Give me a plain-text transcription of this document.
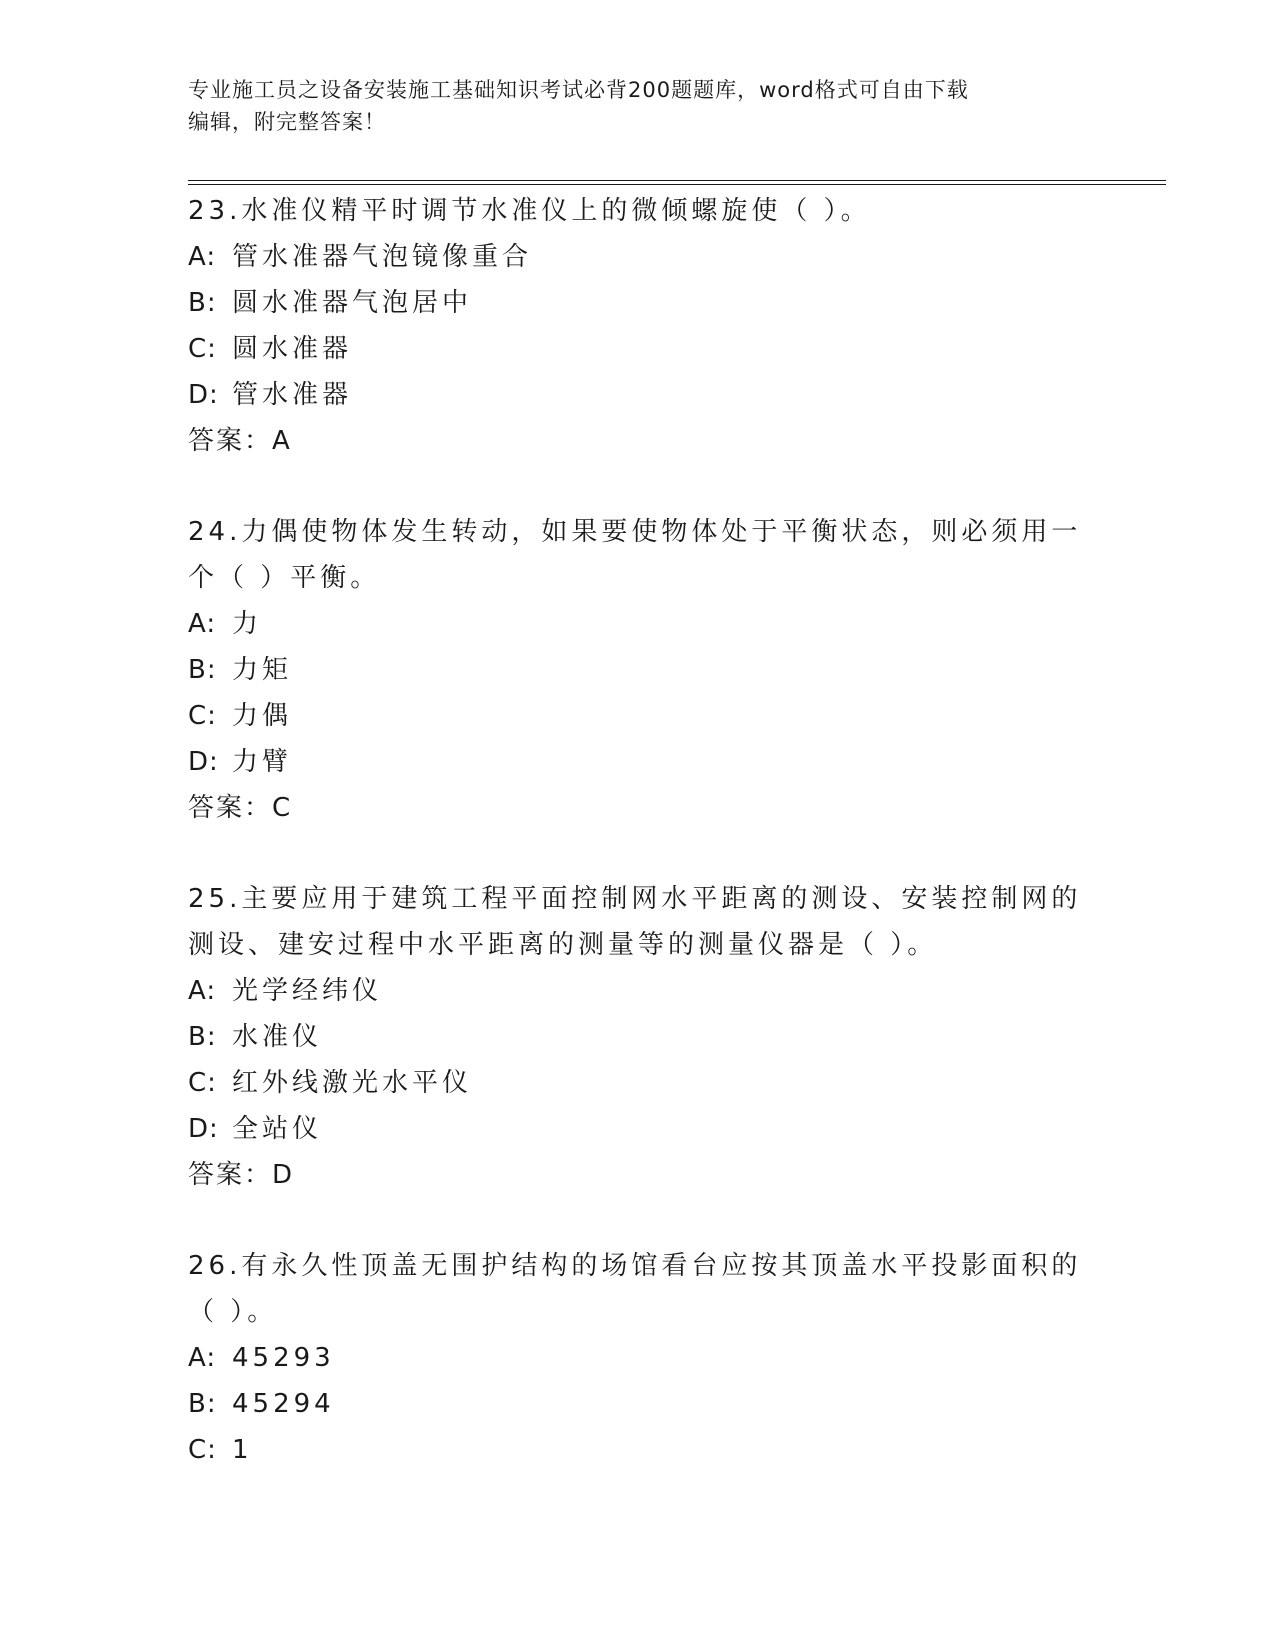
专业施工员之设备安装施工基础知识考试必背200题题库，word格式可自由下载
编辑，附完整答案！

23.水准仪精平时调节水准仪上的微倾螺旋使（ ）。

A: 管水准器气泡镜像重合
B: 圆水准器气泡居中
C: 圆水准器
D: 管水准器

答案：A

24.力偶使物体发生转动，如果要使物体处于平衡状态，则必须用一个（ ）平衡。

A: 力
B: 力矩
C: 力偶
D: 力臂

答案：C

25.主要应用于建筑工程平面控制网水平距离的测设、安装控制网的测设、建安过程中水平距离的测量等的测量仪器是（ ）。

A: 光学经纬仪
B: 水准仪
C: 红外线激光水平仪
D: 全站仪

答案：D

26.有永久性顶盖无围护结构的场馆看台应按其顶盖水平投影面积的（ ）。

A: 45293
B: 45294
C: 1
